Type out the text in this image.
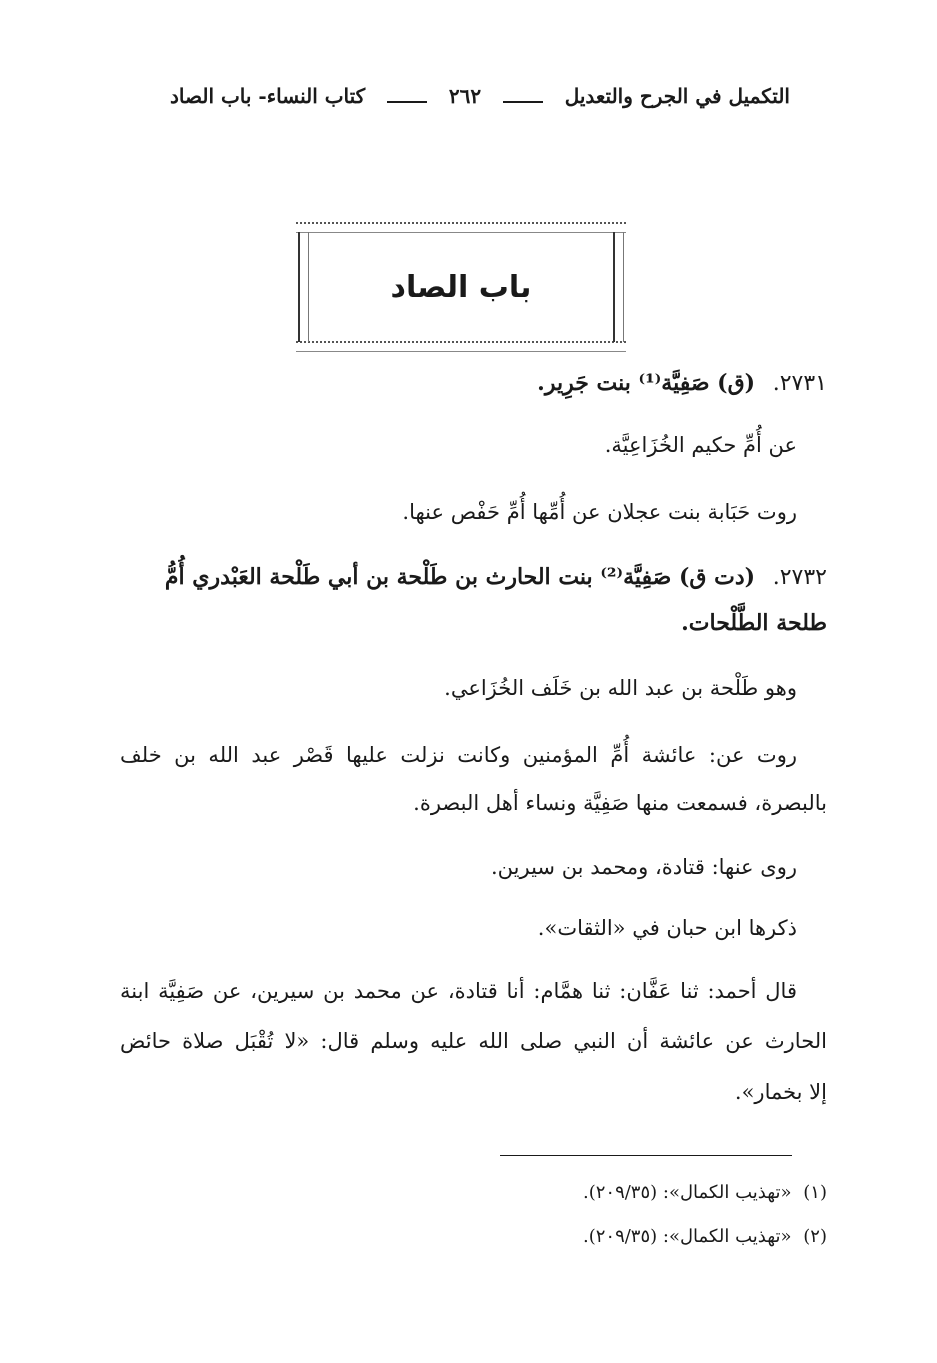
التكميل في الجرح والتعديل
٢٦٢
كتاب النساء- باب الصاد
باب الصاد
٢٧٣١. (ق) صَفِيَّة⁽¹⁾ بنت جَرِير.
عن أُمِّ حكيم الخُزَاعِيَّة.
روت حَبَابة بنت عجلان عن أُمِّها أُمِّ حَفْص عنها.
٢٧٣٢. (دت ق) صَفِيَّة⁽²⁾ بنت الحارث بن طَلْحة بن أبي طَلْحة العَبْدري أُمُّ
طلحة الطَّلْحات.
وهو طَلْحة بن عبد الله بن خَلَف الخُزَاعي.
روت عن: عائشة أُمِّ المؤمنين وكانت نزلت عليها قَصْر عبد الله بن خلف
بالبصرة، فسمعت منها صَفِيَّة ونساء أهل البصرة.
روى عنها: قتادة، ومحمد بن سيرين.
ذكرها ابن حبان في «الثقات».
قال أحمد: ثنا عَفَّان: ثنا همَّام: أنا قتادة، عن محمد بن سيرين، عن صَفِيَّة ابنة
الحارث عن عائشة أن النبي صلى الله عليه وسلم قال: «لا تُقْبَل صلاة حائض
إلا بخمار».
(١) «تهذيب الكمال»: (٢٠٩/٣٥).
(٢) «تهذيب الكمال»: (٢٠٩/٣٥).
